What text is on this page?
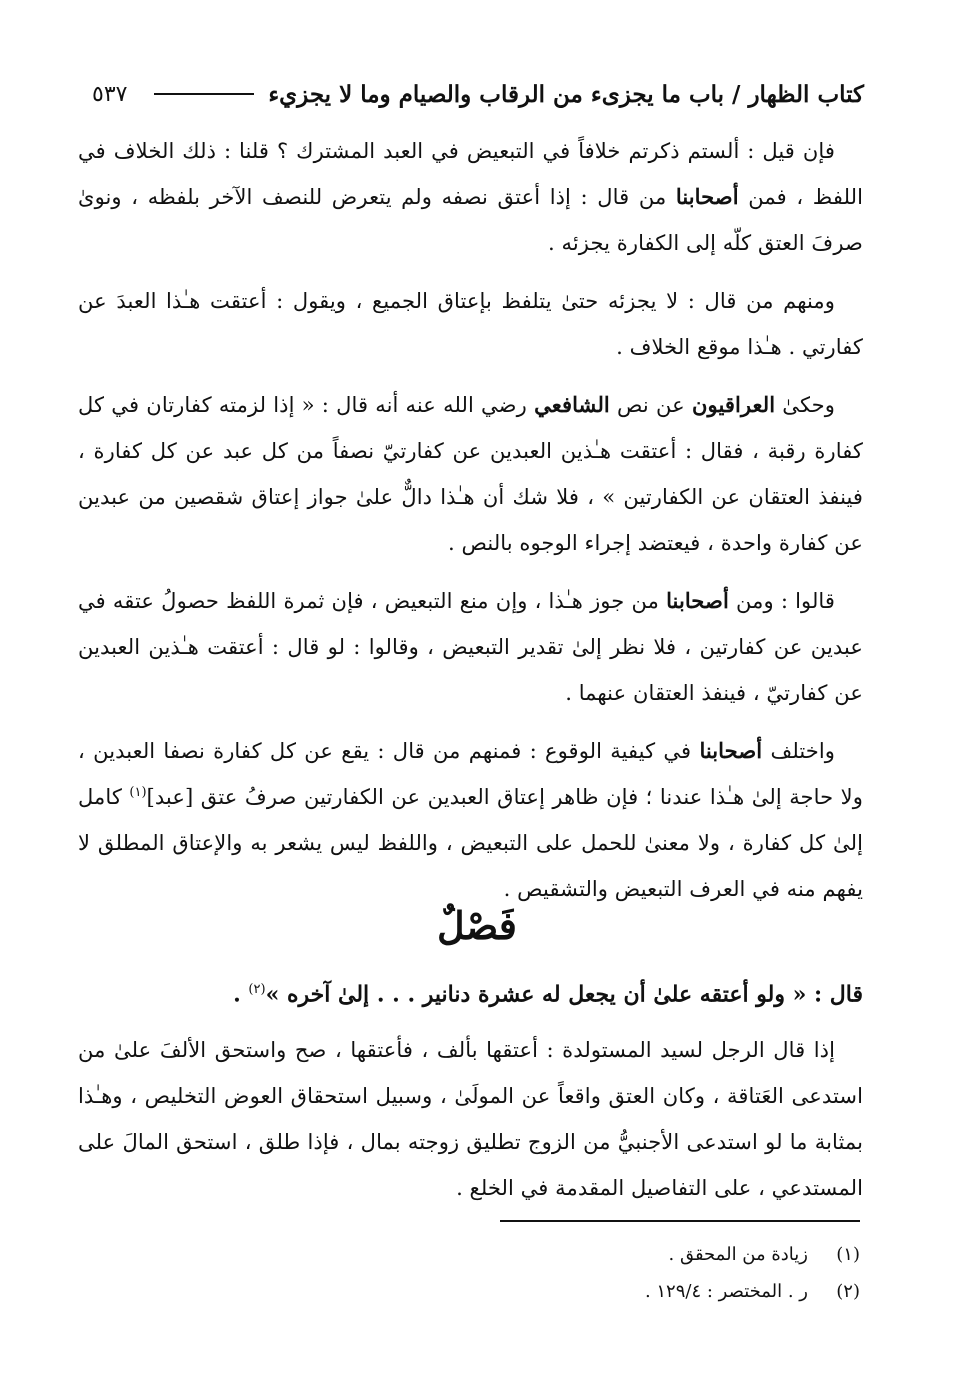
كتاب الظهار / باب ما يجزىء من الرقاب والصيام وما لا يجزيء
٥٣٧

فإن قيل : ألستم ذكرتم خلافاً في التبعيض في العبد المشترك ؟ قلنا : ذلك الخلاف في اللفظ ، فمن أصحابنا من قال : إذا أعتق نصفه ولم يتعرض للنصف الآخر بلفظه ، ونوىٰ صرفَ العتق كلّه إلى الكفارة يجزئه .

ومنهم من قال : لا يجزئه حتىٰ يتلفظ بإعتاق الجميع ، ويقول : أعتقت هـٰذا العبدَ عن كفارتي . هـٰذا موقع الخلاف .

وحكىٰ العراقيون عن نص الشافعي رضي الله عنه أنه قال : « إذا لزمته كفارتان في كل كفارة رقبة ، فقال : أعتقت هـٰذين العبدين عن كفارتيّ نصفاً من كل عبد عن كل كفارة ، فينفذ العتقان عن الكفارتين » ، فلا شك أن هـٰذا دالٌّ علىٰ جواز إعتاق شقصين من عبدين عن كفارة واحدة ، فيعتضد إجراء الوجوه بالنص .

قالوا : ومن أصحابنا من جوز هـٰذا ، وإن منع التبعيض ، فإن ثمرة اللفظ حصولُ عتقه في عبدين عن كفارتين ، فلا نظر إلىٰ تقدير التبعيض ، وقالوا : لو قال : أعتقت هـٰذين العبدين عن كفارتيّ ، فينفذ العتقان عنهما .

واختلف أصحابنا في كيفية الوقوع : فمنهم من قال : يقع عن كل كفارة نصفا العبدين ، ولا حاجة إلىٰ هـٰذا عندنا ؛ فإن ظاهر إعتاق العبدين عن الكفارتين صرفُ عتق [عبد]$^{(١)}$ كامل إلىٰ كل كفارة ، ولا معنىٰ للحمل على التبعيض ، واللفظ ليس يشعر به والإعتاق المطلق لا يفهم منه في العرف التبعيض والتشقيص .

فَصْلٌ
قال : « ولو أعتقه علىٰ أن يجعل له عشرة دنانير . . . إلىٰ آخره »$^{(٢)}$ .

إذا قال الرجل لسيد المستولدة : أعتقها بألف ، فأعتقها ، صح واستحق الألفَ علىٰ من استدعى العَتاقة ، وكان العتق واقعاً عن المولَىٰ ، وسبيل استحقاق العوض التخليص ، وهـٰذا بمثابة ما لو استدعى الأجنبيُّ من الزوج تطليق زوجته بمال ، فإذا طلق ، استحق المالَ على المستدعي ، على التفاصيل المقدمة في الخلع .

(١)
زيادة من المحقق .
(٢)
ر . المختصر : ١٢٩/٤ .
